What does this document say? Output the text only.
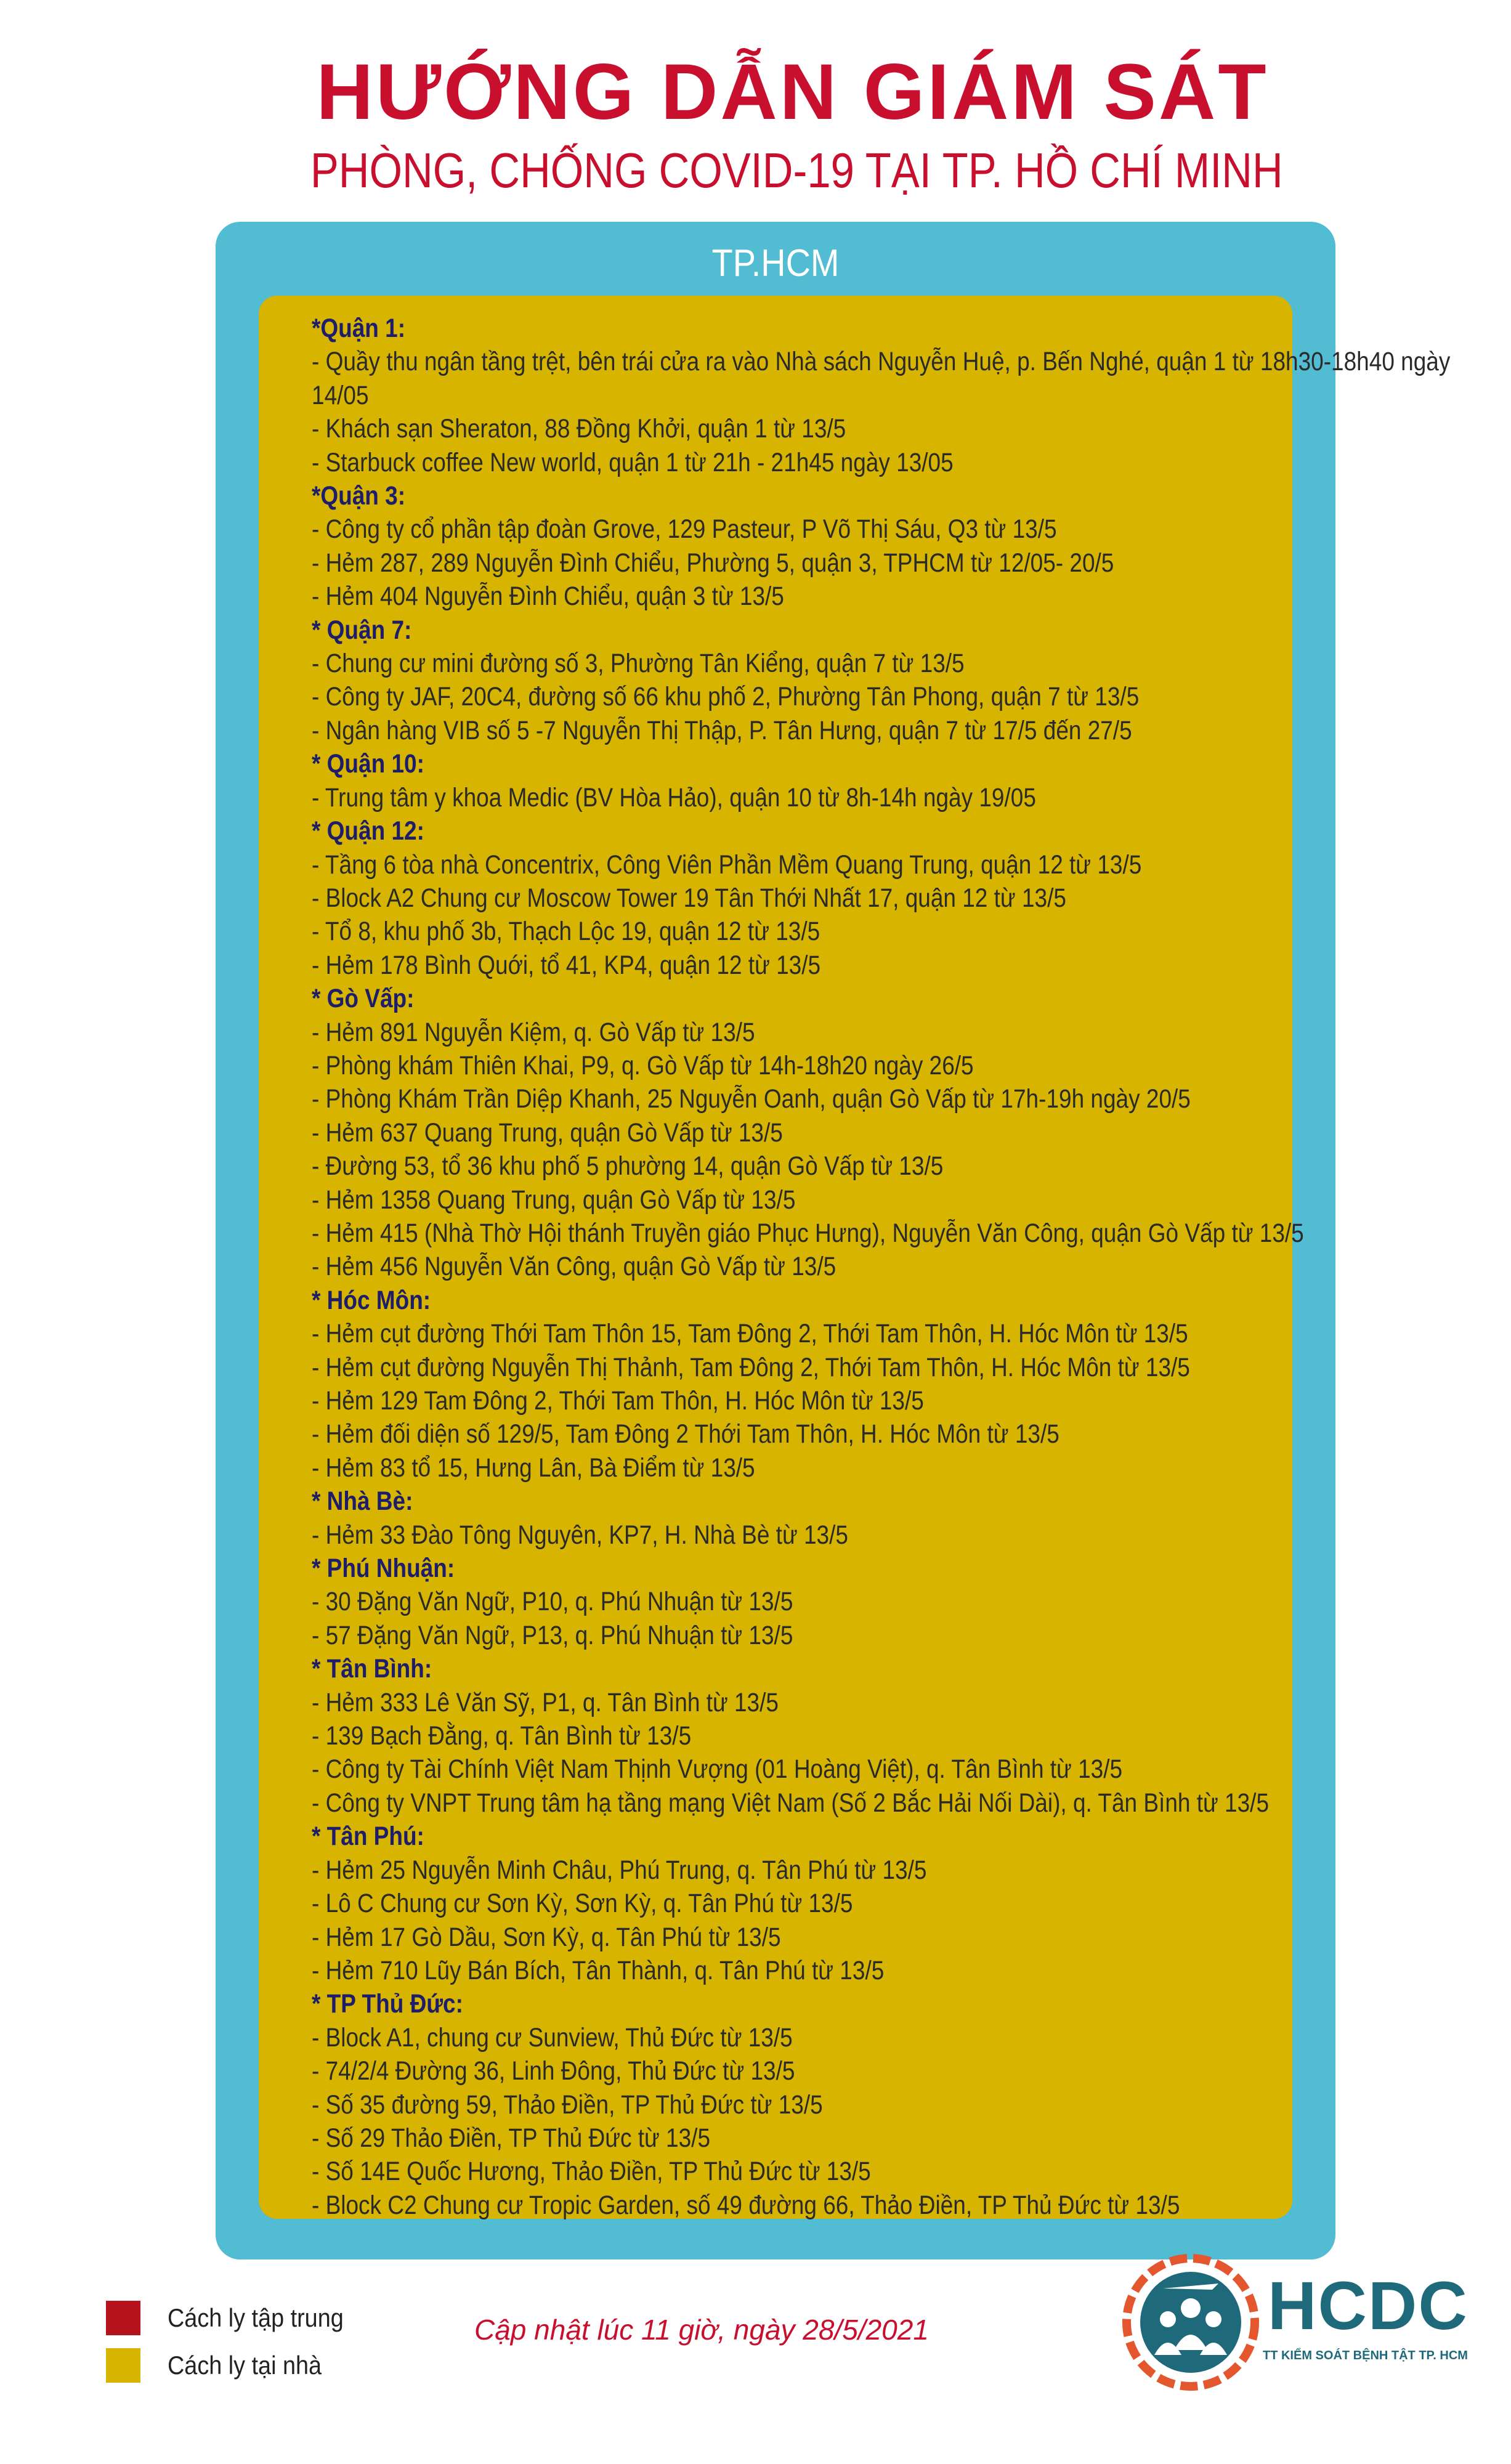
HƯỚNG DẪN GIÁM SÁT
PHÒNG, CHỐNG COVID-19 TẠI TP. HỒ CHÍ MINH
TP.HCM
*Quận 1:
- Quầy thu ngân tầng trệt, bên trái cửa ra vào Nhà sách Nguyễn Huệ, p. Bến Nghé, quận 1 từ 18h30-18h40 ngày
14/05
- Khách sạn Sheraton, 88 Đồng Khởi, quận 1 từ 13/5
- Starbuck coffee New world, quận 1 từ 21h - 21h45 ngày 13/05
*Quận 3:
- Công ty cổ phần tập đoàn Grove, 129 Pasteur, P Võ Thị Sáu, Q3 từ 13/5
- Hẻm 287, 289 Nguyễn Đình Chiểu, Phường 5, quận 3, TPHCM từ 12/05- 20/5
- Hẻm 404 Nguyễn Đình Chiểu, quận 3 từ 13/5
* Quận 7:
- Chung cư mini đường số 3, Phường Tân Kiểng, quận 7 từ 13/5
- Công ty JAF, 20C4, đường số 66 khu phố 2, Phường Tân Phong, quận 7 từ 13/5
- Ngân hàng VIB số 5 -7 Nguyễn Thị Thập, P. Tân Hưng, quận 7 từ 17/5 đến 27/5
* Quận 10:
- Trung tâm y khoa Medic (BV Hòa Hảo), quận 10 từ 8h-14h ngày 19/05
* Quận 12:
- Tầng 6 tòa nhà Concentrix, Công Viên Phần Mềm Quang Trung, quận 12 từ 13/5
- Block A2 Chung cư Moscow Tower 19 Tân Thới Nhất 17, quận 12 từ 13/5
- Tổ 8, khu phố 3b, Thạch Lộc 19, quận 12 từ 13/5
- Hẻm 178 Bình Quới, tổ 41, KP4, quận 12 từ 13/5
* Gò Vấp:
- Hẻm 891 Nguyễn Kiệm, q. Gò Vấp từ 13/5
- Phòng khám Thiên Khai, P9, q. Gò Vấp từ 14h-18h20 ngày 26/5
- Phòng Khám Trần Diệp Khanh, 25 Nguyễn Oanh, quận Gò Vấp từ 17h-19h ngày 20/5
- Hẻm 637 Quang Trung, quận Gò Vấp từ 13/5
- Đường 53, tổ 36 khu phố 5 phường 14, quận Gò Vấp từ 13/5
- Hẻm 1358 Quang Trung, quận Gò Vấp từ 13/5
- Hẻm 415 (Nhà Thờ Hội thánh Truyền giáo Phục Hưng), Nguyễn Văn Công, quận Gò Vấp từ 13/5
- Hẻm 456 Nguyễn Văn Công, quận Gò Vấp từ 13/5
* Hóc Môn:
- Hẻm cụt đường Thới Tam Thôn 15, Tam Đông 2, Thới Tam Thôn, H. Hóc Môn từ 13/5
- Hẻm cụt đường Nguyễn Thị Thảnh, Tam Đông 2, Thới Tam Thôn, H. Hóc Môn từ 13/5
- Hẻm 129 Tam Đông 2, Thới Tam Thôn, H. Hóc Môn từ 13/5
- Hẻm đối diện số 129/5, Tam Đông 2 Thới Tam Thôn, H. Hóc Môn từ 13/5
- Hẻm 83 tổ 15, Hưng Lân, Bà Điểm từ 13/5
* Nhà Bè:
- Hẻm 33 Đào Tông Nguyên, KP7, H. Nhà Bè từ 13/5
* Phú Nhuận:
- 30 Đặng Văn Ngữ, P10, q. Phú Nhuận từ 13/5
- 57 Đặng Văn Ngữ, P13, q. Phú Nhuận từ 13/5
* Tân Bình:
- Hẻm 333 Lê Văn Sỹ, P1, q. Tân Bình từ 13/5
- 139 Bạch Đằng, q. Tân Bình từ 13/5
- Công ty Tài Chính Việt Nam Thịnh Vượng (01 Hoàng Việt), q. Tân Bình từ 13/5
- Công ty VNPT Trung tâm hạ tầng mạng Việt Nam (Số 2 Bắc Hải Nối Dài), q. Tân Bình từ 13/5
* Tân Phú:
- Hẻm 25 Nguyễn Minh Châu, Phú Trung, q. Tân Phú từ 13/5
- Lô C Chung cư Sơn Kỳ, Sơn Kỳ, q. Tân Phú từ 13/5
- Hẻm 17 Gò Dầu, Sơn Kỳ, q. Tân Phú từ 13/5
- Hẻm 710 Lũy Bán Bích, Tân Thành, q. Tân Phú từ 13/5
* TP Thủ Đức:
- Block A1, chung cư Sunview, Thủ Đức từ 13/5
- 74/2/4 Đường 36, Linh Đông, Thủ Đức từ 13/5
- Số 35 đường 59, Thảo Điền, TP Thủ Đức từ 13/5
- Số 29 Thảo Điền, TP Thủ Đức từ 13/5
- Số 14E Quốc Hương, Thảo Điền, TP Thủ Đức từ 13/5
- Block C2 Chung cư Tropic Garden, số 49 đường 66, Thảo Điền, TP Thủ Đức từ 13/5
Cách ly tập trung
Cách ly tại nhà
Cập nhật lúc 11 giờ, ngày 28/5/2021	HCDC
TT KIỂM SOÁT BỆNH TẬT TP. HCM
